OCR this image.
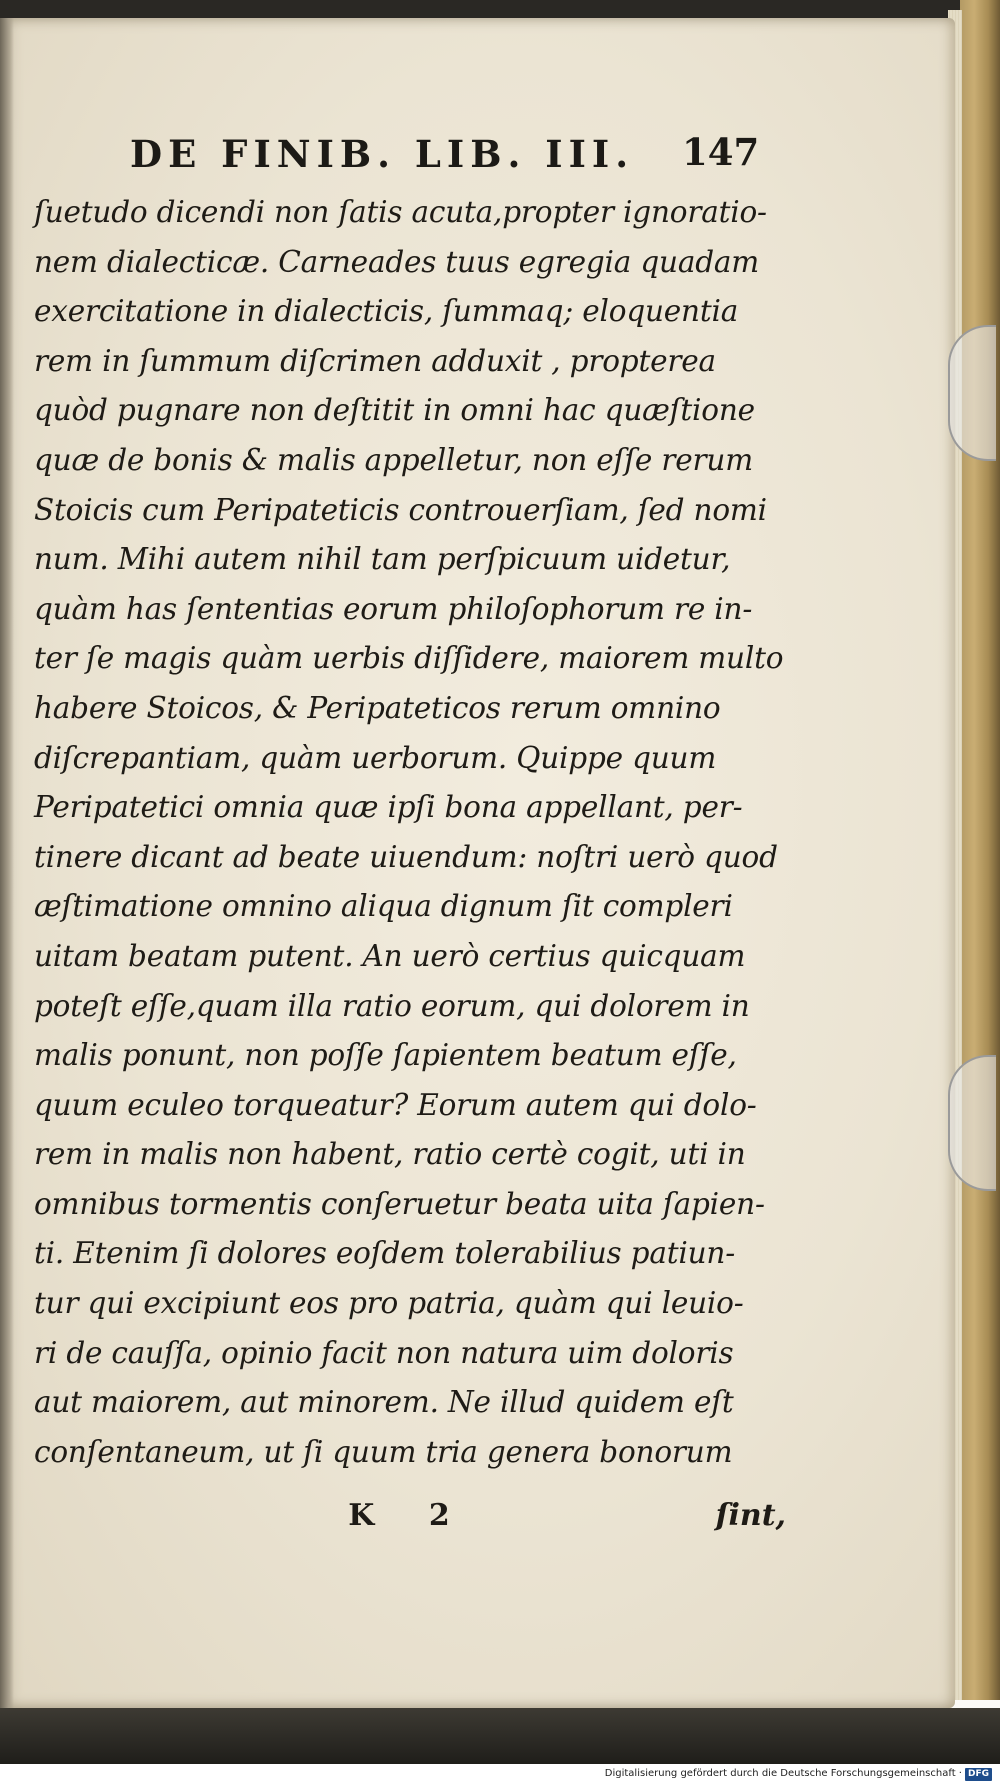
DE FINIB. LIB. III.	147
ſuetudo dicendi non ſatis acuta,propter ignoratio-
nem dialecticæ. Carneades tuus egregia quadam
exercitatione in dialecticis, ſummaq; eloquentia
rem in ſummum diſcrimen adduxit , propterea
quòd pugnare non deſtitit in omni hac quæſtione
quæ de bonis & malis appelletur, non eſſe rerum
Stoicis cum Peripateticis controuerſiam, ſed nomi
num. Mihi autem nihil tam perſpicuum uidetur,
quàm has ſententias eorum philoſophorum re in-
ter ſe magis quàm uerbis diſſidere, maiorem multo
habere Stoicos, & Peripateticos rerum omnino
diſcrepantiam, quàm uerborum. Quippe quum
Peripatetici omnia quæ ipſi bona appellant, per-
tinere dicant ad beate uiuendum: noſtri uerò quod
æſtimatione omnino aliqua dignum ſit compleri
uitam beatam putent. An uerò certius quicquam
poteſt eſſe,quam illa ratio eorum, qui dolorem in
malis ponunt, non poſſe ſapientem beatum eſſe,
quum eculeo torqueatur? Eorum autem qui dolo-
rem in malis non habent, ratio certè cogit, uti in
omnibus tormentis conſeruetur beata uita ſapien-
ti. Etenim ſi dolores eoſdem tolerabilius patiun-
tur qui excipiunt eos pro patria, quàm qui leuio-
ri de cauſſa, opinio facit non natura uim doloris
aut maiorem, aut minorem. Ne illud quidem eſt
conſentaneum, ut ſi quum tria genera bonorum
K 2	ſint,
Digitalisierung gefördert durch die Deutsche Forschungsgemeinschaft · DFG
